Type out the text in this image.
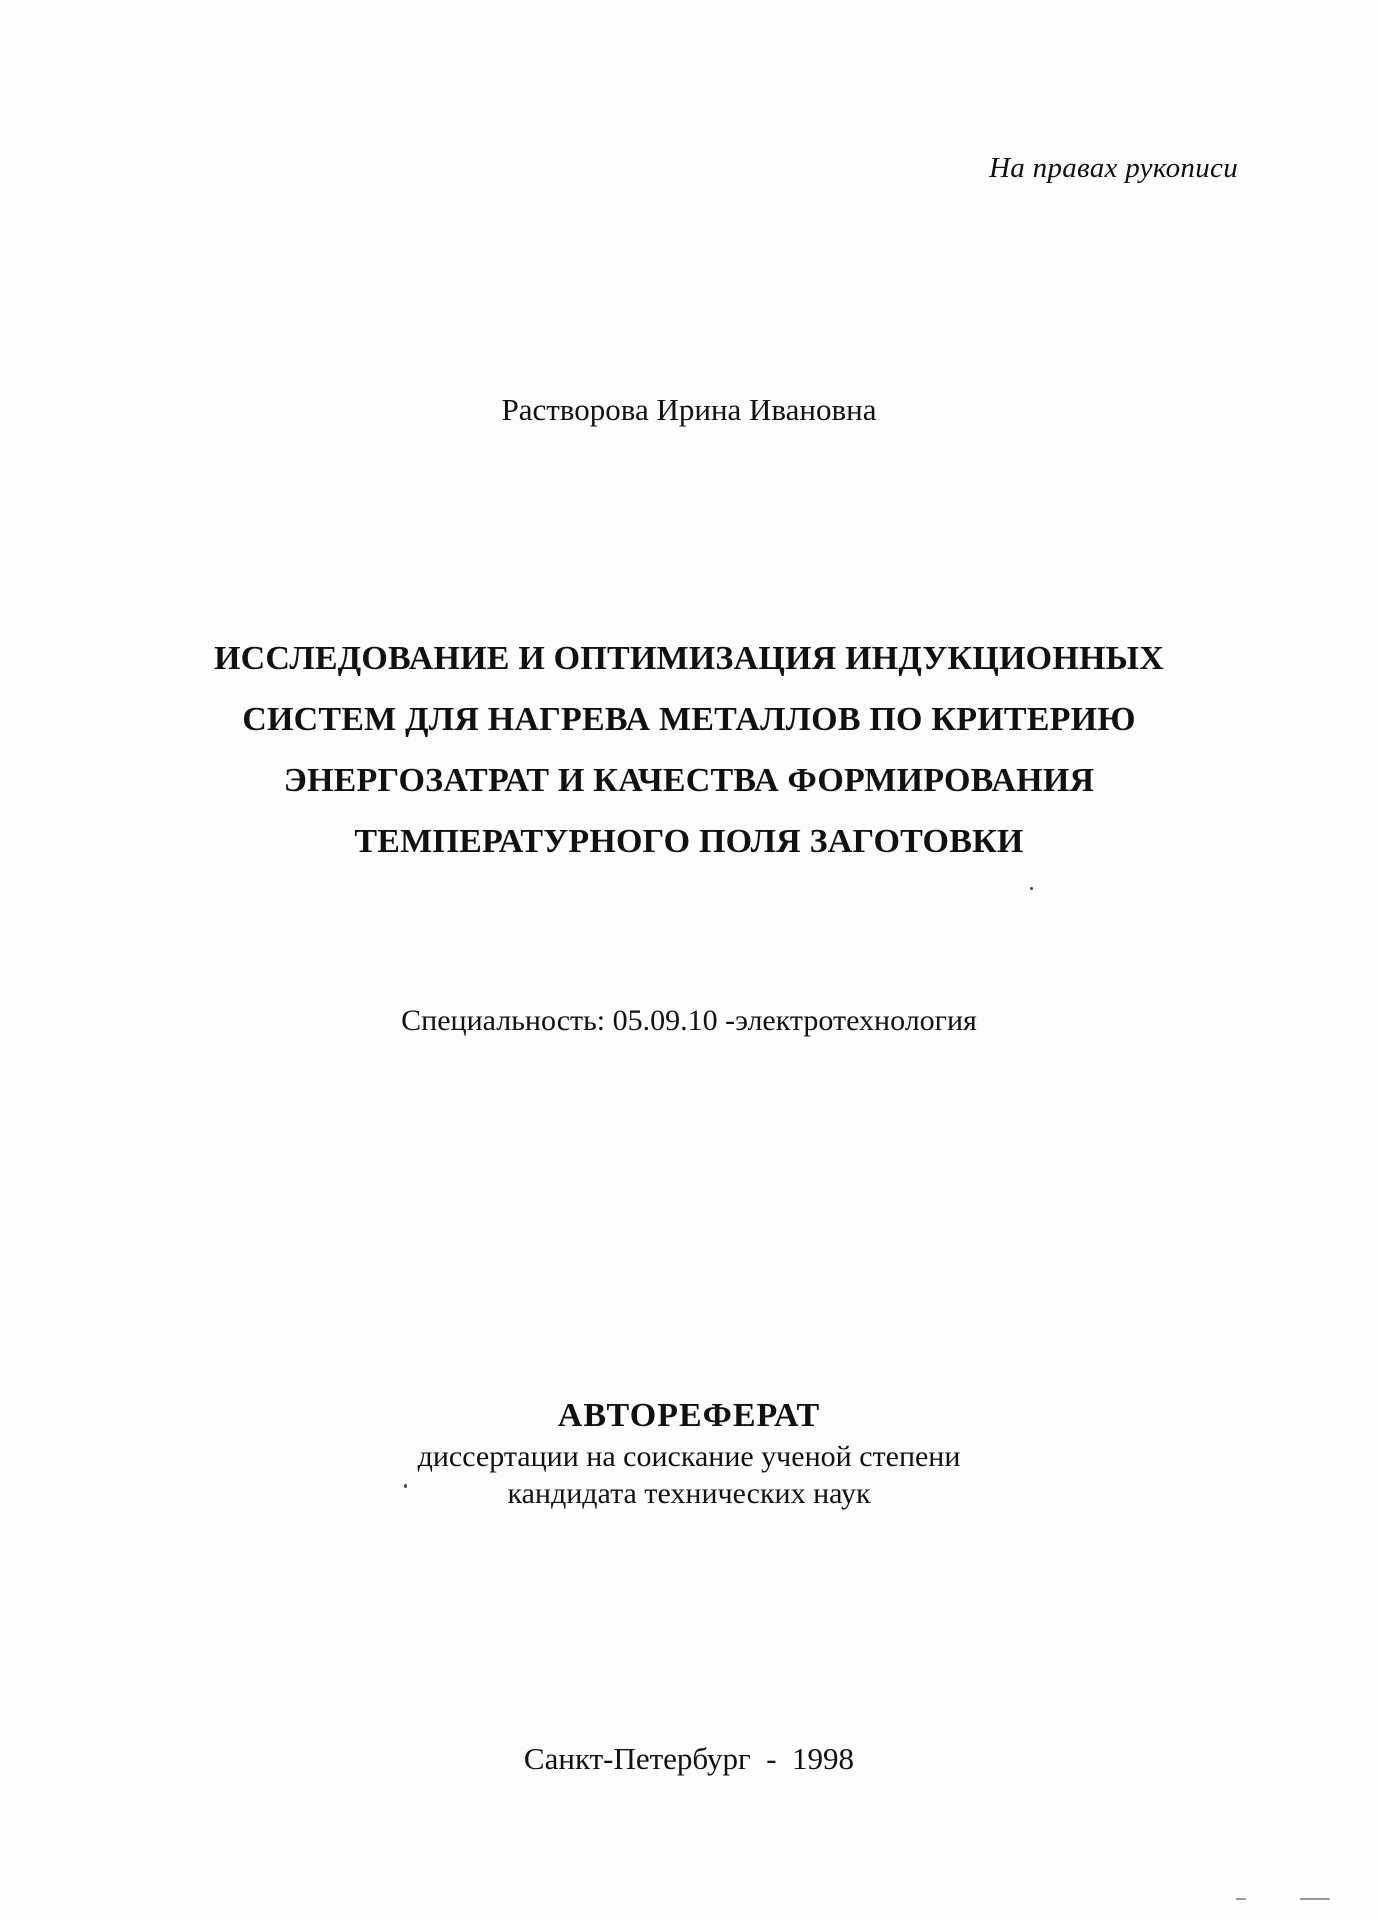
На правах рукописи
Растворова Ирина Ивановна
ИССЛЕДОВАНИЕ И ОПТИМИЗАЦИЯ ИНДУКЦИОННЫХ
СИСТЕМ ДЛЯ НАГРЕВА МЕТАЛЛОВ ПО КРИТЕРИЮ
ЭНЕРГОЗАТРАТ И КАЧЕСТВА ФОРМИРОВАНИЯ
ТЕМПЕРАТУРНОГО ПОЛЯ ЗАГОТОВКИ
Специальность: 05.09.10 -электротехнология
АВТОРЕФЕРАТ
диссертации на соискание ученой степени
кандидата технических наук
Санкт-Петербург  -  1998
